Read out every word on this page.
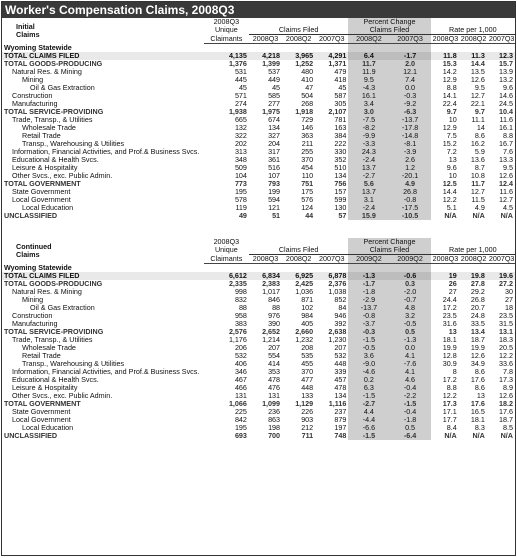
Worker's Compensation Claims, 2008Q3
Initial
Claims	2008Q3				Percent Change				
	Unique	Claims Filed			Claims Filed		Rate per 1,000		
	Claimants	2008Q3	2008Q2	2007Q3	2008Q2	2007Q3	2008Q3	2008Q2	2007Q3
Wyoming Statewide									
TOTAL CLAIMS FILED	4,135	4,218	3,965	4,291	6.4	-1.7	11.8	11.3	12.3
TOTAL GOODS-PRODUCING	1,376	1,399	1,252	1,371	11.7	2.0	15.3	14.4	15.7
Natural Res. & Mining	531	537	480	479	11.9	12.1	14.2	13.5	13.9
Mining	445	449	410	418	9.5	7.4	12.9	12.6	13.2
Oil & Gas Extraction	45	45	47	45	-4.3	0.0	8.8	9.5	9.6
Construction	571	585	504	587	16.1	-0.3	14.1	12.7	14.6
Manufacturing	274	277	268	305	3.4	-9.2	22.4	22.1	24.5
TOTAL SERVICE-PROVIDING	1,938	1,975	1,918	2,107	3.0	-6.3	9.7	9.7	10.4
Trade, Transp., & Utilities	665	674	729	781	-7.5	-13.7	10	11.1	11.6
Wholesale Trade	132	134	146	163	-8.2	-17.8	12.9	14	16.1
Retail Trade	322	327	363	384	-9.9	-14.8	7.5	8.6	8.8
Transp., Warehousing & Utilities	202	204	211	222	-3.3	-8.1	15.2	16.2	16.7
Information, Financial Activities, and Prof.& Business Svcs.	313	317	255	330	24.3	-3.9	7.2	5.9	7.6
Educational & Health Svcs.	348	361	370	352	-2.4	2.6	13	13.6	13.3
Leisure & Hospitality	509	516	454	510	13.7	1.2	9.6	8.7	9.5
Other Svcs., exc. Public Admin.	104	107	110	134	-2.7	-20.1	10	10.8	12.6
TOTAL GOVERNMENT	773	793	751	756	5.6	4.9	12.5	11.7	12.4
State Government	195	199	175	157	13.7	26.8	14.4	12.7	11.6
Local Government	578	594	576	599	3.1	-0.8	12.2	11.5	12.7
Local Education	119	121	124	130	-2.4	-17.5	5.1	4.9	4.5
UNCLASSIFIED	49	51	44	57	15.9	-10.5	N/A	N/A	N/A
Continued
Claims	2008Q3				Percent Change				
	Unique	Claims Filed			Claims Filed		Rate per 1,000		
	Claimants	2008Q3	2008Q2	2007Q3	2009Q2	2009Q2	2008Q3	2008Q2	2007Q3
Wyoming Statewide									
TOTAL CLAIMS FILED	6,612	6,834	6,925	6,878	-1.3	-0.6	19	19.8	19.6
TOTAL GOODS-PRODUCING	2,335	2,383	2,425	2,376	-1.7	0.3	26	27.8	27.2
Natural Res. & Mining	998	1,017	1,036	1,038	-1.8	-2.0	27	29.2	30
Mining	832	846	871	852	-2.9	-0.7	24.4	26.8	27
Oil & Gas Extraction	88	88	102	84	-13.7	4.8	17.2	20.7	18
Construction	958	976	984	946	-0.8	3.2	23.5	24.8	23.5
Manufacturing	383	390	405	392	-3.7	-0.5	31.6	33.5	31.5
TOTAL SERVICE-PROVIDING	2,576	2,652	2,660	2,638	-0.3	0.5	13	13.4	13.1
Trade, Transp., & Utilities	1,176	1,214	1,232	1,230	-1.5	-1.3	18.1	18.7	18.3
Wholesale Trade	206	207	208	207	-0.5	0.0	19.9	19.9	20.5
Retail Trade	532	554	535	532	3.6	4.1	12.8	12.6	12.2
Transp., Warehousing & Utilities	406	414	455	448	-9.0	-7.6	30.9	34.9	33.6
Information, Financial Activities, and Prof.& Business Svcs.	346	353	370	339	-4.6	4.1	8	8.6	7.8
Educational & Health Svcs.	467	478	477	457	0.2	4.6	17.2	17.6	17.3
Leisure & Hospitality	466	476	448	478	6.3	-0.4	8.8	8.6	8.9
Other Svcs., exc. Public Admin.	131	131	133	134	-1.5	-2.2	12.2	13	12.6
TOTAL GOVERNMENT	1,066	1,099	1,129	1,116	-2.7	-1.5	17.3	17.6	18.2
State Government	225	236	226	237	4.4	-0.4	17.1	16.5	17.6
Local Government	842	863	903	879	-4.4	-1.8	17.7	18.1	18.7
Local Education	195	198	212	197	-6.6	0.5	8.4	8.3	8.5
UNCLASSIFIED	693	700	711	748	-1.5	-6.4	N/A	N/A	N/A
